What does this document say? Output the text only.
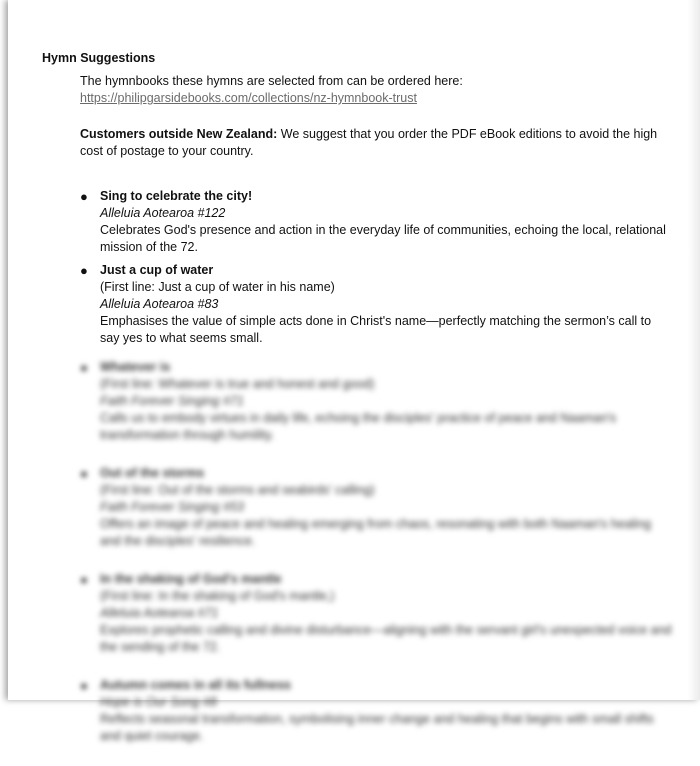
Hymn Suggestions
The hymnbooks these hymns are selected from can be ordered here:
https://philipgarsidebooks.com/collections/nz-hymnbook-trust
Customers outside New Zealand: We suggest that you order the PDF eBook editions to avoid the high cost of postage to your country.
● Sing to celebrate the city!
Alleluia Aotearoa #122
Celebrates God's presence and action in the everyday life of communities, echoing the local, relational mission of the 72.
● Just a cup of water
(First line: Just a cup of water in his name)
Alleluia Aotearoa #83
Emphasises the value of simple acts done in Christ's name—perfectly matching the sermon’s call to say yes to what seems small.
● Whatever is
(First line: Whatever is true and honest and good)
Faith Forever Singing #71
Calls us to embody virtues in daily life, echoing the disciples' practice of peace and Naaman's transformation through humility.
● Out of the storms
(First line: Out of the storms and seabirds' calling)
Faith Forever Singing #53
Offers an image of peace and healing emerging from chaos, resonating with both Naaman's healing and the disciples' resilience.
● In the shaking of God's mantle
(First line: In the shaking of God's mantle,)
Alleluia Aotearoa #71
Explores prophetic calling and divine disturbance—aligning with the servant girl's unexpected voice and the sending of the 72.
● Autumn comes in all its fullness
Hope is Our Song #8
Reflects seasonal transformation, symbolising inner change and healing that begins with small shifts and quiet courage.
